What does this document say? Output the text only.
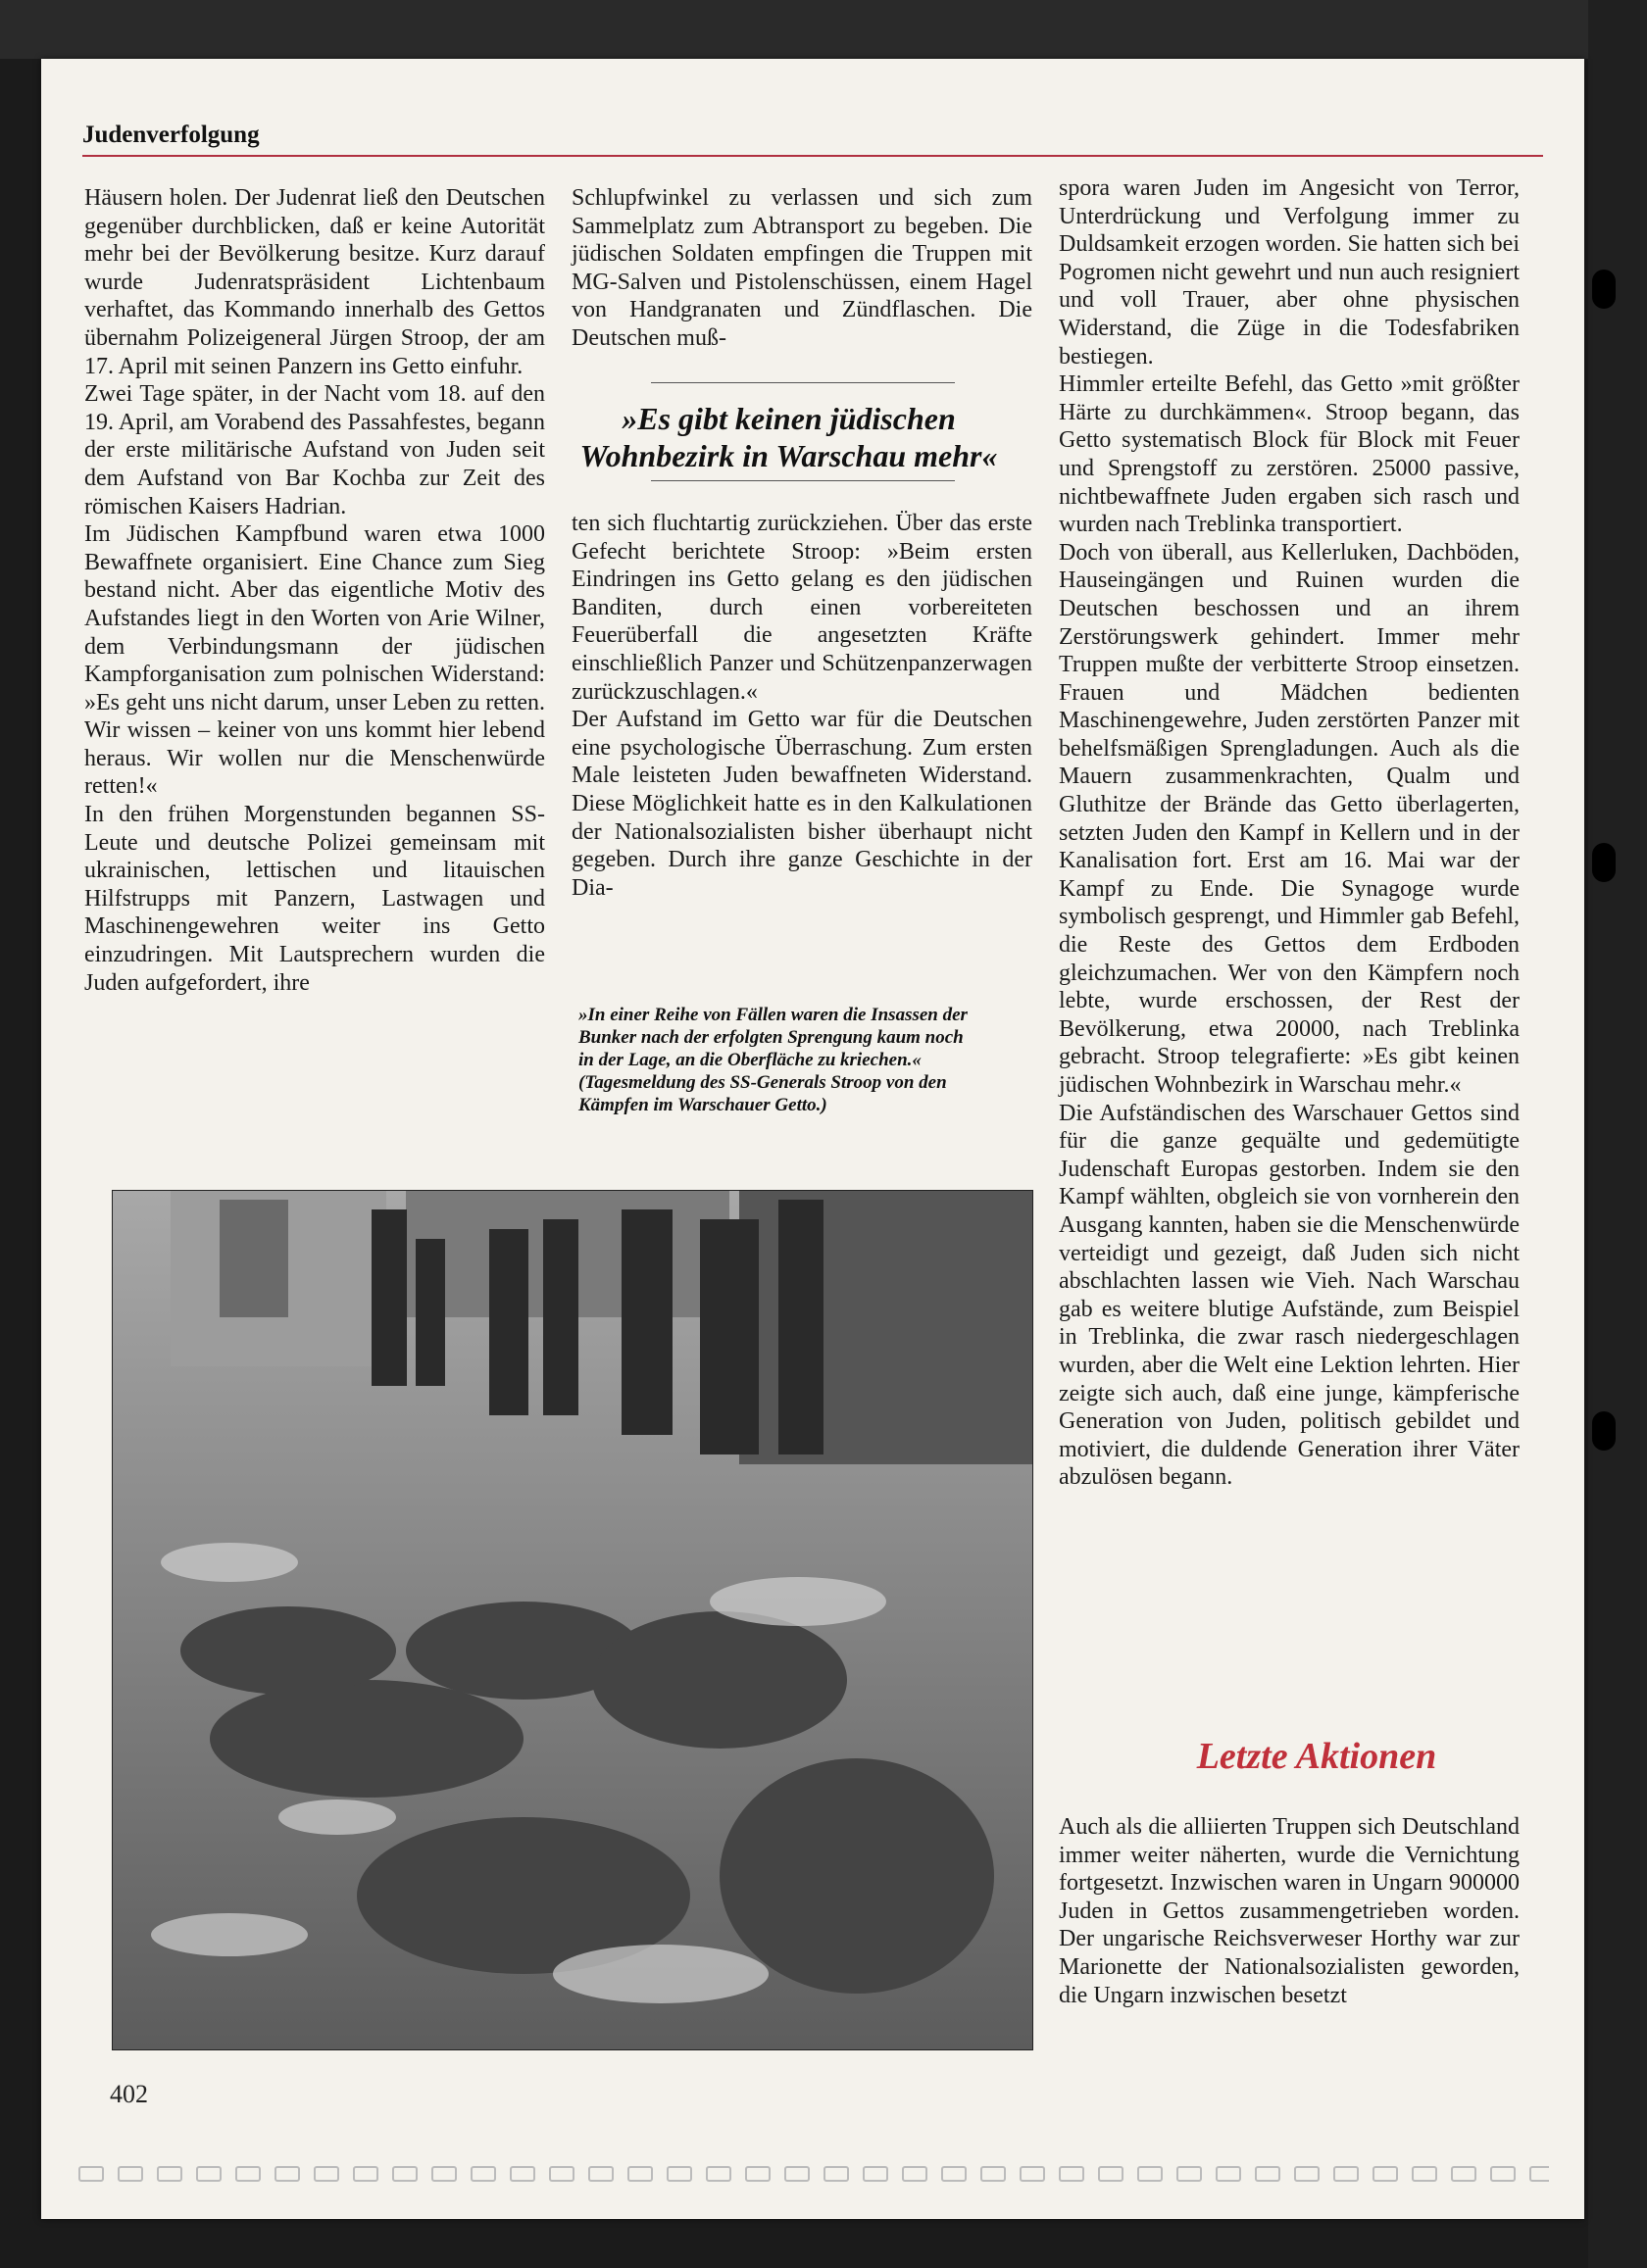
Judenverfolgung

Häusern holen. Der Judenrat ließ den Deutschen gegenüber durchblicken, daß er keine Autorität mehr bei der Bevölkerung besitze. Kurz darauf wurde Judenratspräsident Lichtenbaum verhaftet, das Kommando innerhalb des Gettos übernahm Polizeigeneral Jürgen Stroop, der am 17. April mit seinen Panzern ins Getto einfuhr.

Zwei Tage später, in der Nacht vom 18. auf den 19. April, am Vorabend des Passahfestes, begann der erste militärische Aufstand von Juden seit dem Aufstand von Bar Kochba zur Zeit des römischen Kaisers Hadrian.

Im Jüdischen Kampfbund waren etwa 1000 Bewaffnete organisiert. Eine Chance zum Sieg bestand nicht. Aber das eigentliche Motiv des Aufstandes liegt in den Worten von Arie Wilner, dem Verbindungsmann der jüdischen Kampforganisation zum polnischen Widerstand: »Es geht uns nicht darum, unser Leben zu retten. Wir wissen – keiner von uns kommt hier lebend heraus. Wir wollen nur die Menschenwürde retten!«

In den frühen Morgenstunden begannen SS-Leute und deutsche Polizei gemeinsam mit ukrainischen, lettischen und litauischen Hilfstrupps mit Panzern, Lastwagen und Maschinengewehren weiter ins Getto einzudringen. Mit Lautsprechern wurden die Juden aufgefordert, ihre

Schlupfwinkel zu verlassen und sich zum Sammelplatz zum Abtransport zu begeben. Die jüdischen Soldaten empfingen die Truppen mit MG-Salven und Pistolenschüssen, einem Hagel von Handgranaten und Zündflaschen. Die Deutschen muß-

»Es gibt keinen jüdischen Wohnbezirk in Warschau mehr«

ten sich fluchtartig zurückziehen. Über das erste Gefecht berichtete Stroop: »Beim ersten Eindringen ins Getto gelang es den jüdischen Banditen, durch einen vorbereiteten Feuerüberfall die angesetzten Kräfte einschließlich Panzer und Schützenpanzerwagen zurückzuschlagen.«

Der Aufstand im Getto war für die Deutschen eine psychologische Überraschung. Zum ersten Male leisteten Juden bewaffneten Widerstand. Diese Möglichkeit hatte es in den Kalkulationen der Nationalsozialisten bisher überhaupt nicht gegeben. Durch ihre ganze Geschichte in der Dia-

»In einer Reihe von Fällen waren die Insassen der Bunker nach der erfolgten Sprengung kaum noch in der Lage, an die Oberfläche zu kriechen.« (Tagesmeldung des SS-Generals Stroop von den Kämpfen im Warschauer Getto.)

spora waren Juden im Angesicht von Terror, Unterdrückung und Verfolgung immer zu Duldsamkeit erzogen worden. Sie hatten sich bei Pogromen nicht gewehrt und nun auch resigniert und voll Trauer, aber ohne physischen Widerstand, die Züge in die Todesfabriken bestiegen.

Himmler erteilte Befehl, das Getto »mit größter Härte zu durchkämmen«. Stroop begann, das Getto systematisch Block für Block mit Feuer und Sprengstoff zu zerstören. 25000 passive, nichtbewaffnete Juden ergaben sich rasch und wurden nach Treblinka transportiert.

Doch von überall, aus Kellerluken, Dachböden, Hauseingängen und Ruinen wurden die Deutschen beschossen und an ihrem Zerstörungswerk gehindert. Immer mehr Truppen mußte der verbitterte Stroop einsetzen. Frauen und Mädchen bedienten Maschinengewehre, Juden zerstörten Panzer mit behelfsmäßigen Sprengladungen. Auch als die Mauern zusammenkrachten, Qualm und Gluthitze der Brände das Getto überlagerten, setzten Juden den Kampf in Kellern und in der Kanalisation fort. Erst am 16. Mai war der Kampf zu Ende. Die Synagoge wurde symbolisch gesprengt, und Himmler gab Befehl, die Reste des Gettos dem Erdboden gleichzumachen. Wer von den Kämpfern noch lebte, wurde erschossen, der Rest der Bevölkerung, etwa 20000, nach Treblinka gebracht. Stroop telegrafierte: »Es gibt keinen jüdischen Wohnbezirk in Warschau mehr.«

Die Aufständischen des Warschauer Gettos sind für die ganze gequälte und gedemütigte Judenschaft Europas gestorben. Indem sie den Kampf wählten, obgleich sie von vornherein den Ausgang kannten, haben sie die Menschenwürde verteidigt und gezeigt, daß Juden sich nicht abschlachten lassen wie Vieh. Nach Warschau gab es weitere blutige Aufstände, zum Beispiel in Treblinka, die zwar rasch niedergeschlagen wurden, aber die Welt eine Lektion lehrten. Hier zeigte sich auch, daß eine junge, kämpferische Generation von Juden, politisch gebildet und motiviert, die duldende Generation ihrer Väter abzulösen begann.

Letzte Aktionen

Auch als die alliierten Truppen sich Deutschland immer weiter näherten, wurde die Vernichtung fortgesetzt. Inzwischen waren in Ungarn 900000 Juden in Gettos zusammengetrieben worden. Der ungarische Reichsverweser Horthy war zur Marionette der Nationalsozialisten geworden, die Ungarn inzwischen besetzt

402
